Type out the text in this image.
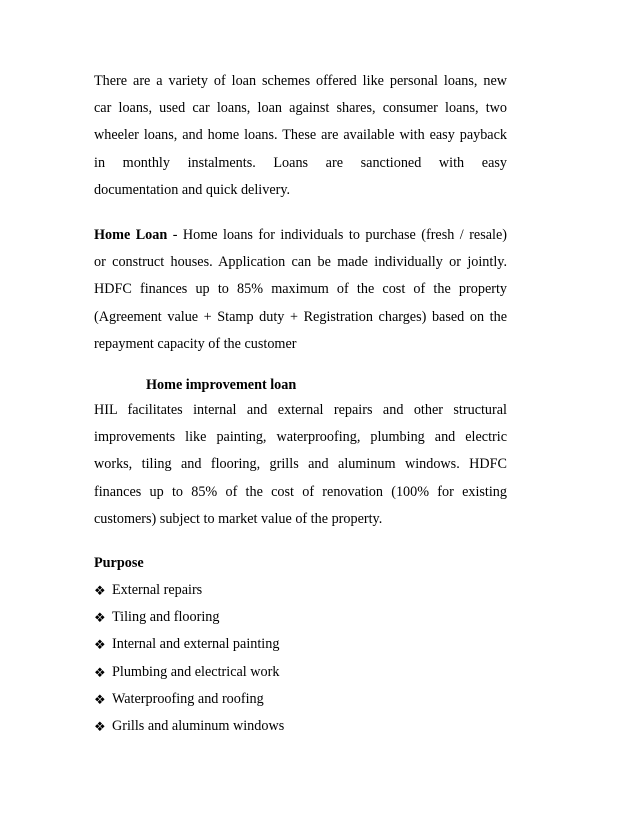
There are a variety of loan schemes offered like personal loans, new
car loans, used car loans, loan against shares, consumer loans, two
wheeler loans, and home loans. These are available with easy payback
in monthly instalments. Loans are sanctioned with easy
documentation and quick delivery.
Home Loan - Home loans for individuals to purchase (fresh / resale)
or construct houses. Application can be made individually or jointly.
HDFC finances up to 85% maximum of the cost of the property
(Agreement value + Stamp duty + Registration charges) based on the
repayment capacity of the customer
Home improvement loan
HIL facilitates internal and external repairs and other structural
improvements like painting, waterproofing, plumbing and electric
works, tiling and flooring, grills and aluminum windows. HDFC
finances up to 85% of the cost of renovation (100% for existing
customers) subject to market value of the property.
Purpose
❖ External repairs
❖ Tiling and flooring
❖ Internal and external painting
❖ Plumbing and electrical work
❖ Waterproofing and roofing
❖ Grills and aluminum windows
